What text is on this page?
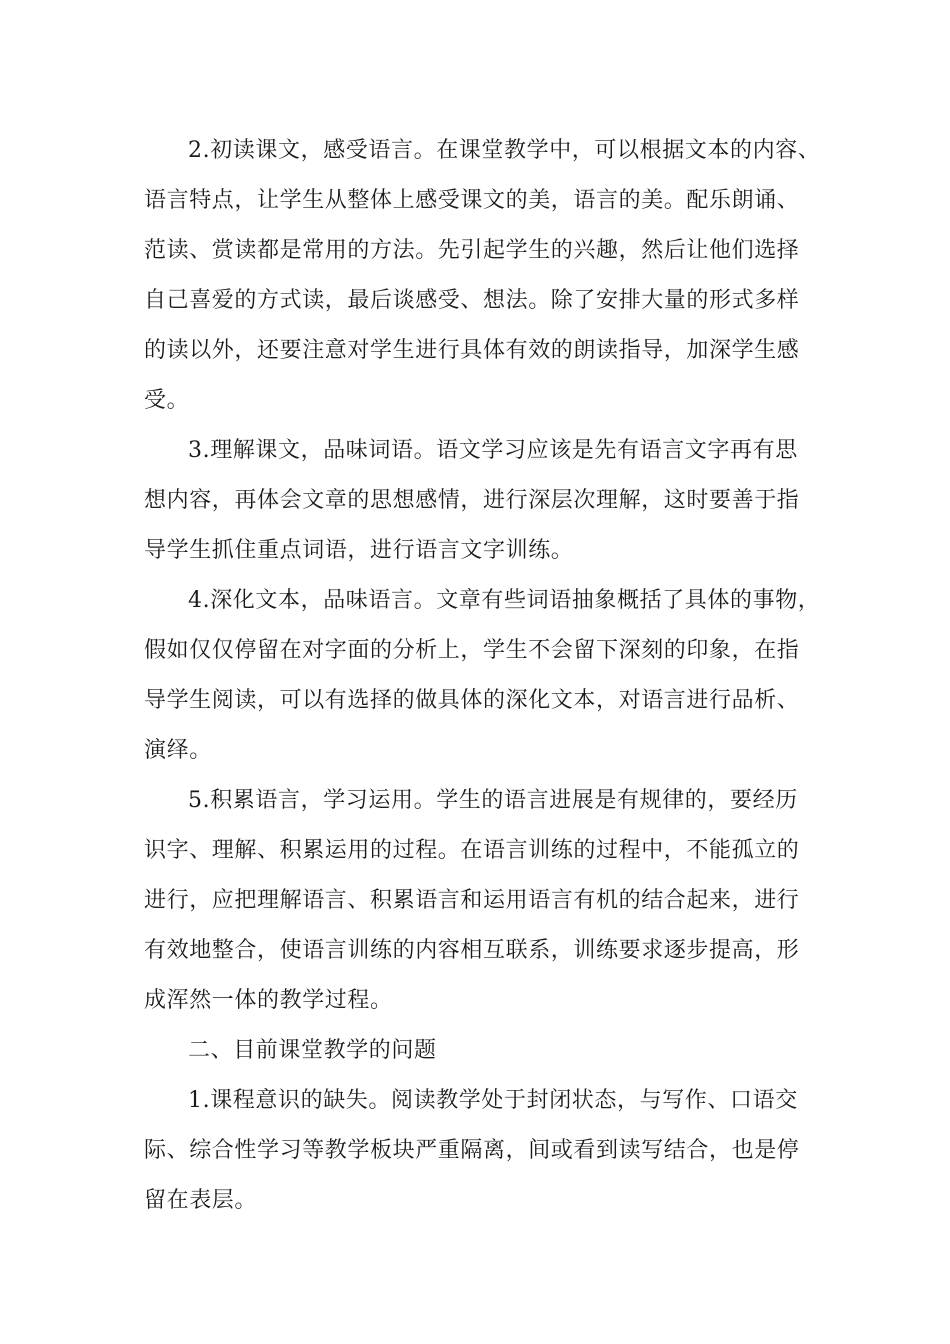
2.初读课文，感受语言。在课堂教学中，可以根据文本的内容、
语言特点，让学生从整体上感受课文的美，语言的美。配乐朗诵、
范读、赏读都是常用的方法。先引起学生的兴趣，然后让他们选择
自己喜爱的方式读，最后谈感受、想法。除了安排大量的形式多样
的读以外，还要注意对学生进行具体有效的朗读指导，加深学生感
受。
3.理解课文，品味词语。语文学习应该是先有语言文字再有思
想内容，再体会文章的思想感情，进行深层次理解，这时要善于指
导学生抓住重点词语，进行语言文字训练。
4.深化文本，品味语言。文章有些词语抽象概括了具体的事物，
假如仅仅停留在对字面的分析上，学生不会留下深刻的印象，在指
导学生阅读，可以有选择的做具体的深化文本，对语言进行品析、
演绎。
5.积累语言，学习运用。学生的语言进展是有规律的，要经历
识字、理解、积累运用的过程。在语言训练的过程中，不能孤立的
进行，应把理解语言、积累语言和运用语言有机的结合起来，进行
有效地整合，使语言训练的内容相互联系，训练要求逐步提高，形
成浑然一体的教学过程。
二、目前课堂教学的问题
1.课程意识的缺失。阅读教学处于封闭状态，与写作、口语交
际、综合性学习等教学板块严重隔离，间或看到读写结合，也是停
留在表层。
